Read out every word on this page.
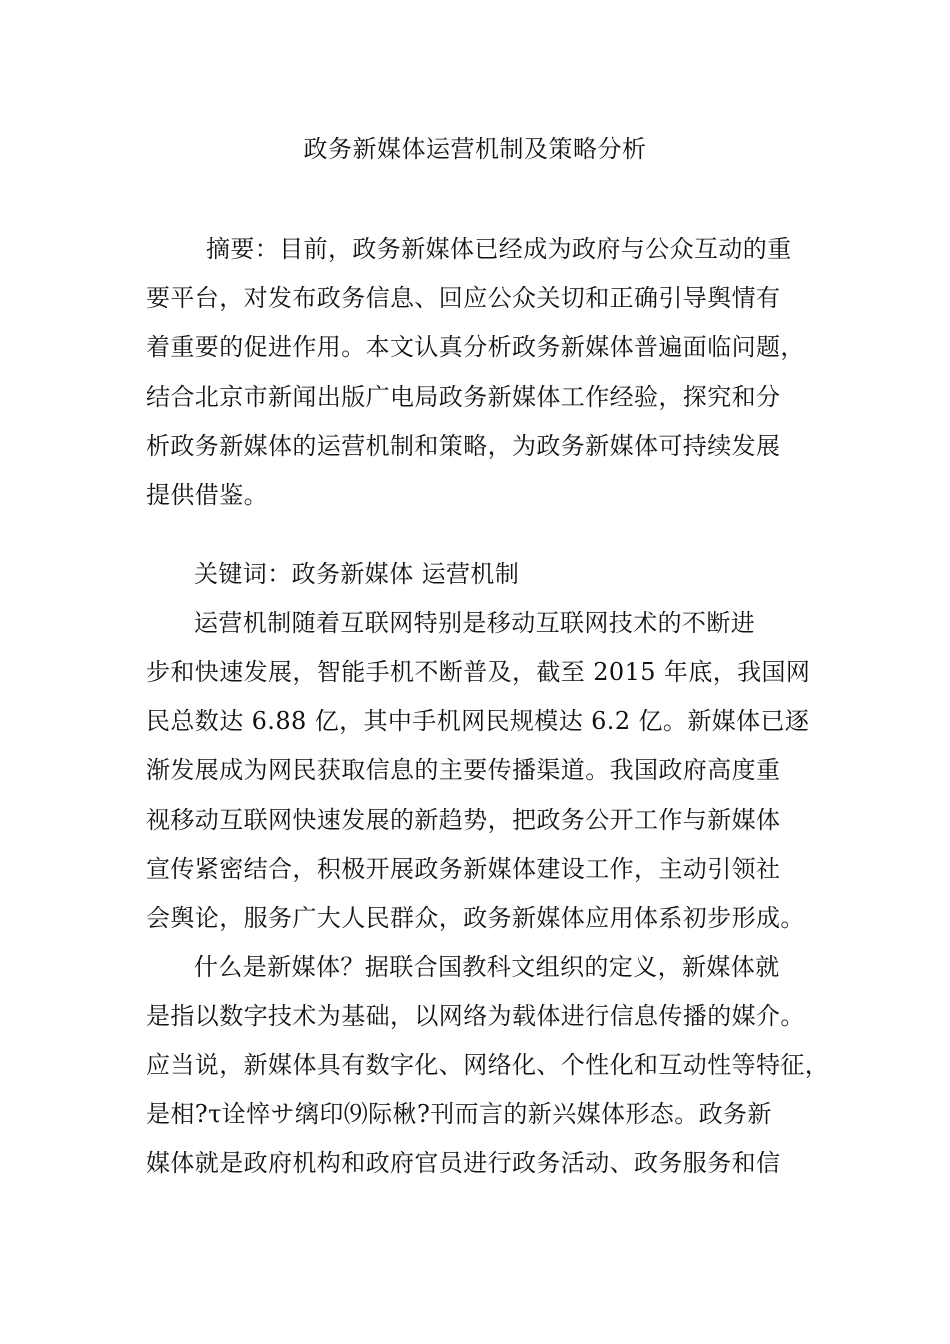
政务新媒体运营机制及策略分析
摘要：目前，政务新媒体已经成为政府与公众互动的重
要平台，对发布政务信息、回应公众关切和正确引导舆情有
着重要的促进作用。本文认真分析政务新媒体普遍面临问题，
结合北京市新闻出版广电局政务新媒体工作经验，探究和分
析政务新媒体的运营机制和策略，为政务新媒体可持续发展
提供借鉴。
关键词：政务新媒体 运营机制
运营机制随着互联网特别是移动互联网技术的不断进
步和快速发展，智能手机不断普及，截至 2015 年底，我国网
民总数达 6.88 亿，其中手机网民规模达 6.2 亿。新媒体已逐
渐发展成为网民获取信息的主要传播渠道。我国政府高度重
视移动互联网快速发展的新趋势，把政务公开工作与新媒体
宣传紧密结合，积极开展政务新媒体建设工作，主动引领社
会舆论，服务广大人民群众，政务新媒体应用体系初步形成。
什么是新媒体？据联合国教科文组织的定义，新媒体就
是指以数字技术为基础，以网络为载体进行信息传播的媒介。
应当说，新媒体具有数字化、网络化、个性化和互动性等特征，
是相?τ诠悴サ缡印⑼际楸?刊而言的新兴媒体形态。政务新
媒体就是政府机构和政府官员进行政务活动、政务服务和信
